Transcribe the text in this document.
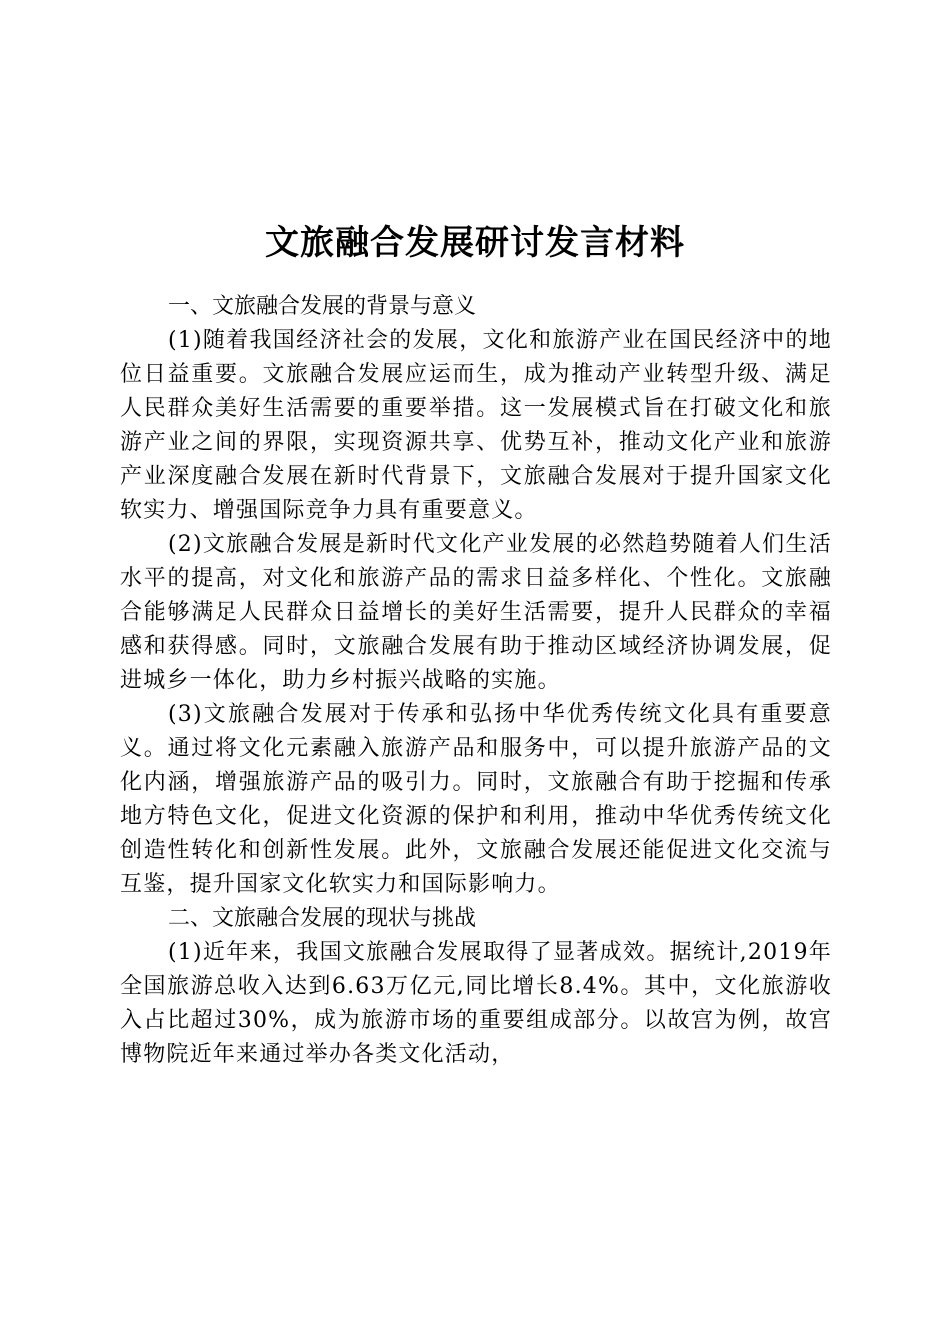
文旅融合发展研讨发言材料
一、文旅融合发展的背景与意义

(1)随着我国经济社会的发展，文化和旅游产业在国民经济中的地位日益重要。文旅融合发展应运而生，成为推动产业转型升级、满足人民群众美好生活需要的重要举措。这一发展模式旨在打破文化和旅游产业之间的界限，实现资源共享、优势互补，推动文化产业和旅游产业深度融合发展在新时代背景下，文旅融合发展对于提升国家文化软实力、增强国际竞争力具有重要意义。

(2)文旅融合发展是新时代文化产业发展的必然趋势随着人们生活水平的提高，对文化和旅游产品的需求日益多样化、个性化。文旅融合能够满足人民群众日益增长的美好生活需要，提升人民群众的幸福感和获得感。同时，文旅融合发展有助于推动区域经济协调发展，促进城乡一体化，助力乡村振兴战略的实施。

(3)文旅融合发展对于传承和弘扬中华优秀传统文化具有重要意义。通过将文化元素融入旅游产品和服务中，可以提升旅游产品的文化内涵，增强旅游产品的吸引力。同时，文旅融合有助于挖掘和传承地方特色文化，促进文化资源的保护和利用，推动中华优秀传统文化创造性转化和创新性发展。此外，文旅融合发展还能促进文化交流与互鉴，提升国家文化软实力和国际影响力。

二、文旅融合发展的现状与挑战

(1)近年来，我国文旅融合发展取得了显著成效。据统计,2019年全国旅游总收入达到6.63万亿元,同比增长8.4%。其中，文化旅游收入占比超过30%，成为旅游市场的重要组成部分。以故宫为例，故宫博物院近年来通过举办各类文化活动，
